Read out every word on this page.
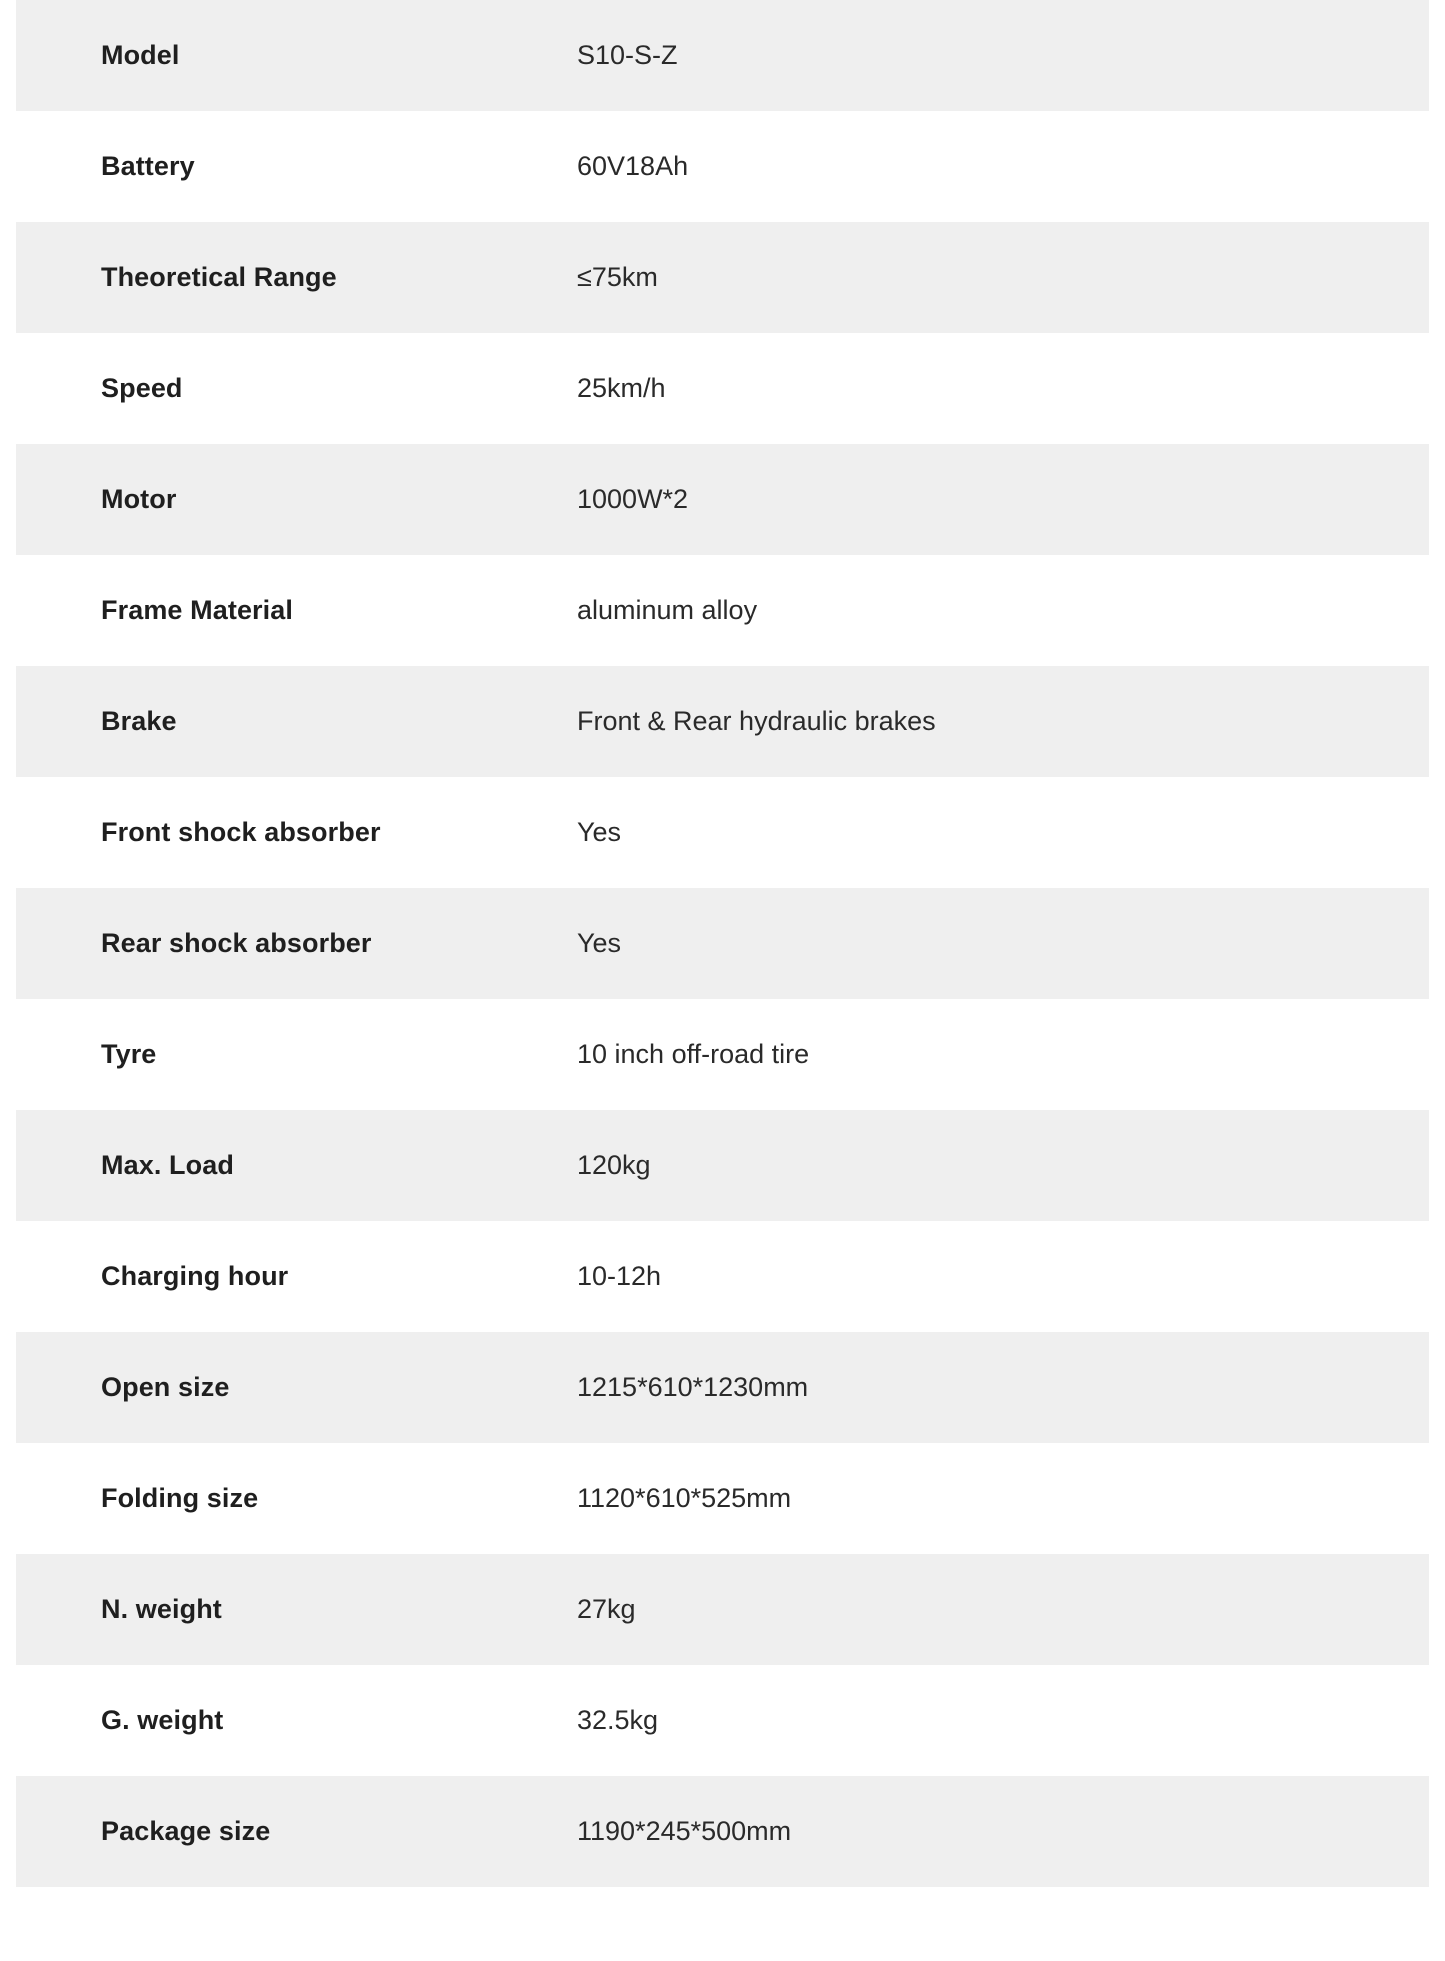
Model	S10-S-Z
Battery	60V18Ah
Theoretical Range	≤75km
Speed	25km/h
Motor	1000W*2
Frame Material	aluminum alloy
Brake	Front & Rear hydraulic brakes
Front shock absorber	Yes
Rear shock absorber	Yes
Tyre	10 inch off-road tire
Max. Load	120kg
Charging hour	10-12h
Open size	1215*610*1230mm
Folding size	1120*610*525mm
N. weight	27kg
G. weight	32.5kg
Package size	1190*245*500mm
